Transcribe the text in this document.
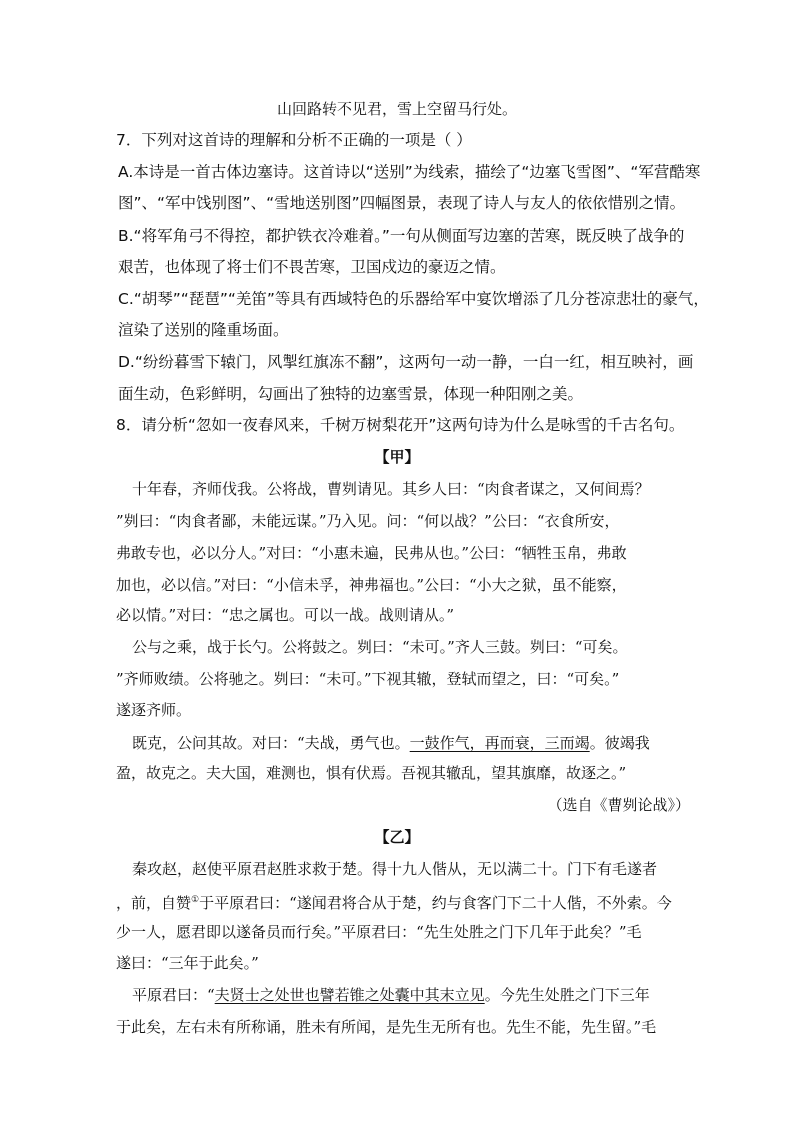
山回路转不见君，雪上空留马行处。
7．下列对这首诗的理解和分析不正确的一项是（ ）
A.本诗是一首古体边塞诗。这首诗以“送别”为线索，描绘了“边塞飞雪图”、“军营酷寒
图”、“军中饯别图”、“雪地送别图”四幅图景，表现了诗人与友人的依依惜别之情。
B.“将军角弓不得控，都护铁衣冷难着。”一句从侧面写边塞的苦寒，既反映了战争的
艰苦，也体现了将士们不畏苦寒，卫国戍边的豪迈之情。
C.“胡琴”“琵琶”“羌笛”等具有西域特色的乐器给军中宴饮增添了几分苍凉悲壮的豪气，
渲染了送别的隆重场面。
D.“纷纷暮雪下辕门，风掣红旗冻不翻”，这两句一动一静，一白一红，相互映衬，画
面生动，色彩鲜明，勾画出了独特的边塞雪景，体现一种阳刚之美。
8．请分析“忽如一夜春风来，千树万树梨花开”这两句诗为什么是咏雪的千古名句。
【甲】
十年春，齐师伐我。公将战，曹刿请见。其乡人曰：“肉食者谋之，又何间焉？
”刿曰：“肉食者鄙，未能远谋。”乃入见。问：“何以战？”公曰：“衣食所安，
弗敢专也，必以分人。”对曰：“小惠未遍，民弗从也。”公曰：“牺牲玉帛，弗敢
加也，必以信。”对曰：“小信未孚，神弗福也。”公曰：“小大之狱，虽不能察，
必以情。”对曰：“忠之属也。可以一战。战则请从。”
公与之乘，战于长勺。公将鼓之。刿曰：“未可。”齐人三鼓。刿曰：“可矣。
”齐师败绩。公将驰之。刿曰：“未可。”下视其辙，登轼而望之，曰：“可矣。”
遂逐齐师。
既克，公问其故。对曰：“夫战，勇气也。一鼓作气，再而衰，三而竭。彼竭我
盈，故克之。夫大国，难测也，惧有伏焉。吾视其辙乱，望其旗靡，故逐之。”
（选自《曹刿论战》）
【乙】
秦攻赵，赵使平原君赵胜求救于楚。得十九人偕从，无以满二十。门下有毛遂者
，前，自赞①于平原君曰：“遂闻君将合从于楚，约与食客门下二十人偕，不外索。今
少一人，愿君即以遂备员而行矣。”平原君曰：“先生处胜之门下几年于此矣？”毛
遂曰：“三年于此矣。”
平原君曰：“夫贤士之处世也譬若锥之处囊中其末立见。今先生处胜之门下三年
于此矣，左右未有所称诵，胜未有所闻，是先生无所有也。先生不能，先生留。”毛
